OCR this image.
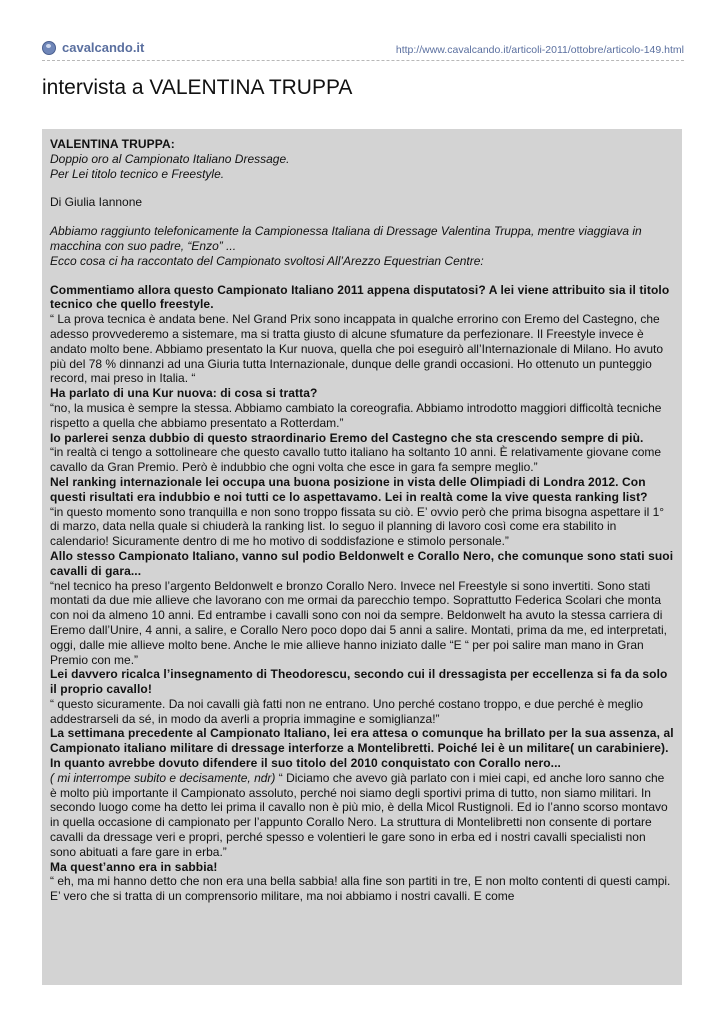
cavalcando.it	http://www.cavalcando.it/articoli-2011/ottobre/articolo-149.html
intervista a VALENTINA TRUPPA

VALENTINA TRUPPA:

Doppio oro al Campionato Italiano Dressage.

Per Lei titolo tecnico e Freestyle.

Di Giulia Iannone

Abbiamo raggiunto telefonicamente la Campionessa Italiana di Dressage Valentina Truppa, mentre viaggiava in macchina con suo padre, “Enzo” ...

Ecco cosa ci ha raccontato del Campionato svoltosi All’Arezzo Equestrian Centre:

Commentiamo allora questo Campionato Italiano 2011 appena disputatosi? A lei viene attribuito sia il titolo tecnico che quello freestyle.

“ La prova tecnica è andata bene. Nel Grand Prix sono incappata in qualche errorino con Eremo del Castegno, che adesso provvederemo a sistemare, ma si tratta giusto di alcune sfumature da perfezionare. Il Freestyle invece è andato molto bene. Abbiamo presentato la Kur nuova, quella che poi eseguirò all’Internazionale di Milano. Ho avuto più del 78 % dinnanzi ad una Giuria tutta Internazionale, dunque delle grandi occasioni. Ho ottenuto un punteggio record, mai preso in Italia. “

Ha parlato di una Kur nuova: di cosa si tratta?

“no, la musica è sempre la stessa. Abbiamo cambiato la coreografia. Abbiamo introdotto maggiori difficoltà tecniche rispetto a quella che abbiamo presentato a Rotterdam.”

Io parlerei senza dubbio di questo straordinario Eremo del Castegno che sta crescendo sempre di più.

“in realtà ci tengo a sottolineare che questo cavallo tutto italiano ha soltanto 10 anni. È relativamente giovane come cavallo da Gran Premio. Però è indubbio che ogni volta che esce in gara fa sempre meglio.”

Nel ranking internazionale lei occupa una buona posizione in vista delle Olimpiadi di Londra 2012. Con questi risultati era indubbio e noi tutti ce lo aspettavamo. Lei in realtà come la vive questa ranking list?

“in questo momento sono tranquilla e non sono troppo fissata su ciò. E’ ovvio però che prima bisogna aspettare il 1° di marzo, data nella quale si chiuderà la ranking list. Io seguo il planning di lavoro così come era stabilito in calendario! Sicuramente dentro di me ho motivo di soddisfazione e stimolo personale.”

Allo stesso Campionato Italiano, vanno sul podio Beldonwelt e Corallo Nero, che comunque sono stati suoi cavalli di gara...

“nel tecnico ha preso l’argento Beldonwelt e bronzo Corallo Nero. Invece nel Freestyle si sono invertiti. Sono stati montati da due mie allieve che lavorano con me ormai da parecchio tempo. Soprattutto Federica Scolari che monta con noi da almeno 10 anni. Ed entrambe i cavalli sono con noi da sempre. Beldonwelt ha avuto la stessa carriera di Eremo dall’Unire, 4 anni, a salire, e Corallo Nero poco dopo dai 5 anni a salire. Montati, prima da me, ed interpretati, oggi, dalle mie allieve molto bene. Anche le mie allieve hanno iniziato dalle “E “ per poi salire man mano in Gran Premio con me.”

Lei davvero ricalca l’insegnamento di Theodorescu, secondo cui il dressagista per eccellenza si fa da solo il proprio cavallo!

“ questo sicuramente. Da noi cavalli già fatti non ne entrano. Uno perché costano troppo, e due perché è meglio addestrarseli da sé, in modo da averli a propria immagine e somiglianza!”

La settimana precedente al Campionato Italiano, lei era attesa o comunque ha brillato per la sua assenza, al Campionato italiano militare di dressage interforze a Montelibretti. Poiché lei è un militare( un carabiniere). In quanto avrebbe dovuto difendere il suo titolo del 2010 conquistato con Corallo nero...

( mi interrompe subito e decisamente, ndr) “ Diciamo che avevo già parlato con i miei capi, ed anche loro sanno che è molto più importante il Campionato assoluto, perché noi siamo degli sportivi prima di tutto, non siamo militari. In secondo luogo come ha detto lei prima il cavallo non è più mio, è della Micol Rustignoli. Ed io l’anno scorso montavo in quella occasione di campionato per l’appunto Corallo Nero. La struttura di Montelibretti non consente di portare cavalli da dressage veri e propri, perché spesso e volentieri le gare sono in erba ed i nostri cavalli specialisti non sono abituati a fare gare in erba.”

Ma quest’anno era in sabbia!

“ eh, ma mi hanno detto che non era una bella sabbia! alla fine son partiti in tre, E non molto contenti di questi campi. E’ vero che si tratta di un comprensorio militare, ma noi abbiamo i nostri cavalli. E come
